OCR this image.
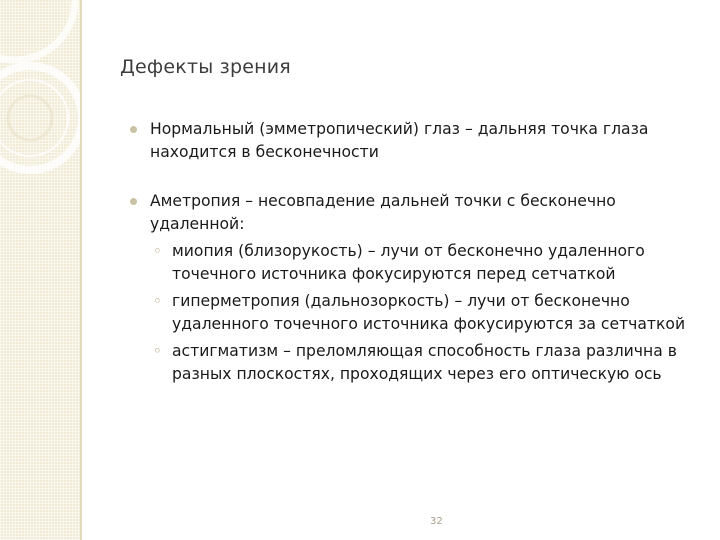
Дефекты зрения
Нормальный (эмметропический) глаз – дальняя точка глаза находится в бесконечности
Аметропия – несовпадение дальней точки с бесконечно удаленной:
◦ миопия (близорукость) – лучи от бесконечно удаленного точечного источника фокусируются перед сетчаткой
◦ гиперметропия (дальнозоркость) – лучи от бесконечно удаленного точечного источника фокусируются за сетчаткой
◦ астигматизм – преломляющая способность глаза различна в разных плоскостях, проходящих через его оптическую ось
32
